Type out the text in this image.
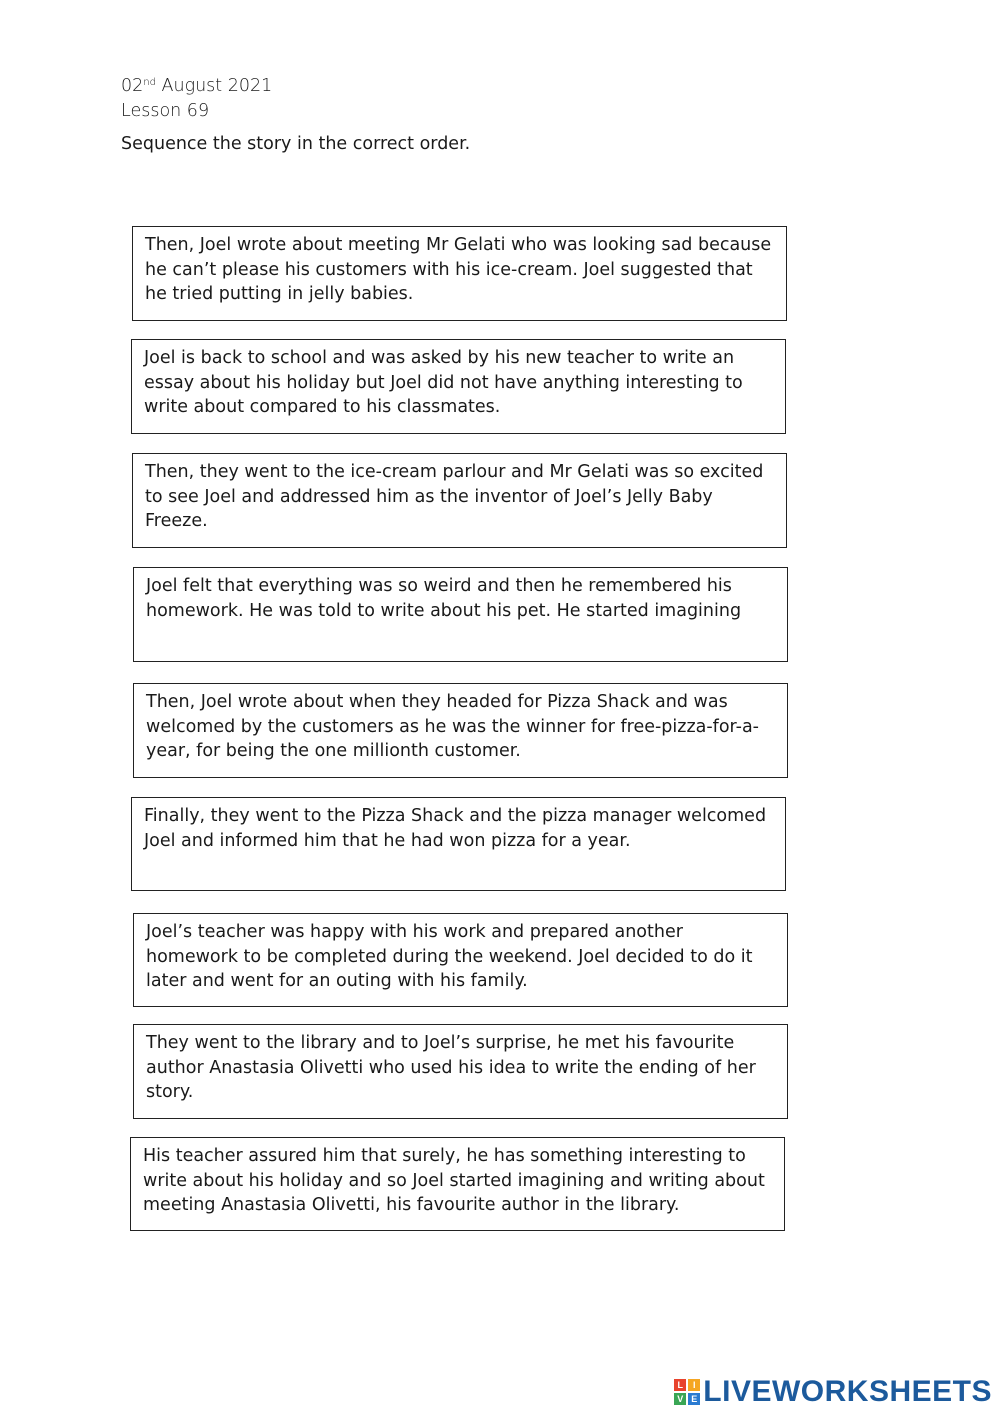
02nd August 2021
Lesson 69
Sequence the story in the correct order.
Then, Joel wrote about meeting Mr Gelati who was looking sad because he can’t please his customers with his ice-cream. Joel suggested that he tried putting in jelly babies.
Joel is back to school and was asked by his new teacher to write an essay about his holiday but Joel did not have anything interesting to write about compared to his classmates.
Then, they went to the ice-cream parlour and Mr Gelati was so excited to see Joel and addressed him as the inventor of Joel’s Jelly Baby Freeze.
Joel felt that everything was so weird and then he remembered his homework. He was told to write about his pet. He started imagining
Then, Joel wrote about when they headed for Pizza Shack and was welcomed by the customers as he was the winner for free-pizza-for-a-year, for being the one millionth customer.
Finally, they went to the Pizza Shack and the pizza manager welcomed Joel and informed him that he had won pizza for a year.
Joel’s teacher was happy with his work and prepared another homework to be completed during the weekend. Joel decided to do it later and went for an outing with his family.
They went to the library and to Joel’s surprise, he met his favourite author Anastasia Olivetti who used his idea to write the ending of her story.
His teacher assured him that surely, he has something interesting to write about his holiday and so Joel started imagining and writing about meeting Anastasia Olivetti, his favourite author in the library.
L	I
V E LIVEWORKSHEETS
